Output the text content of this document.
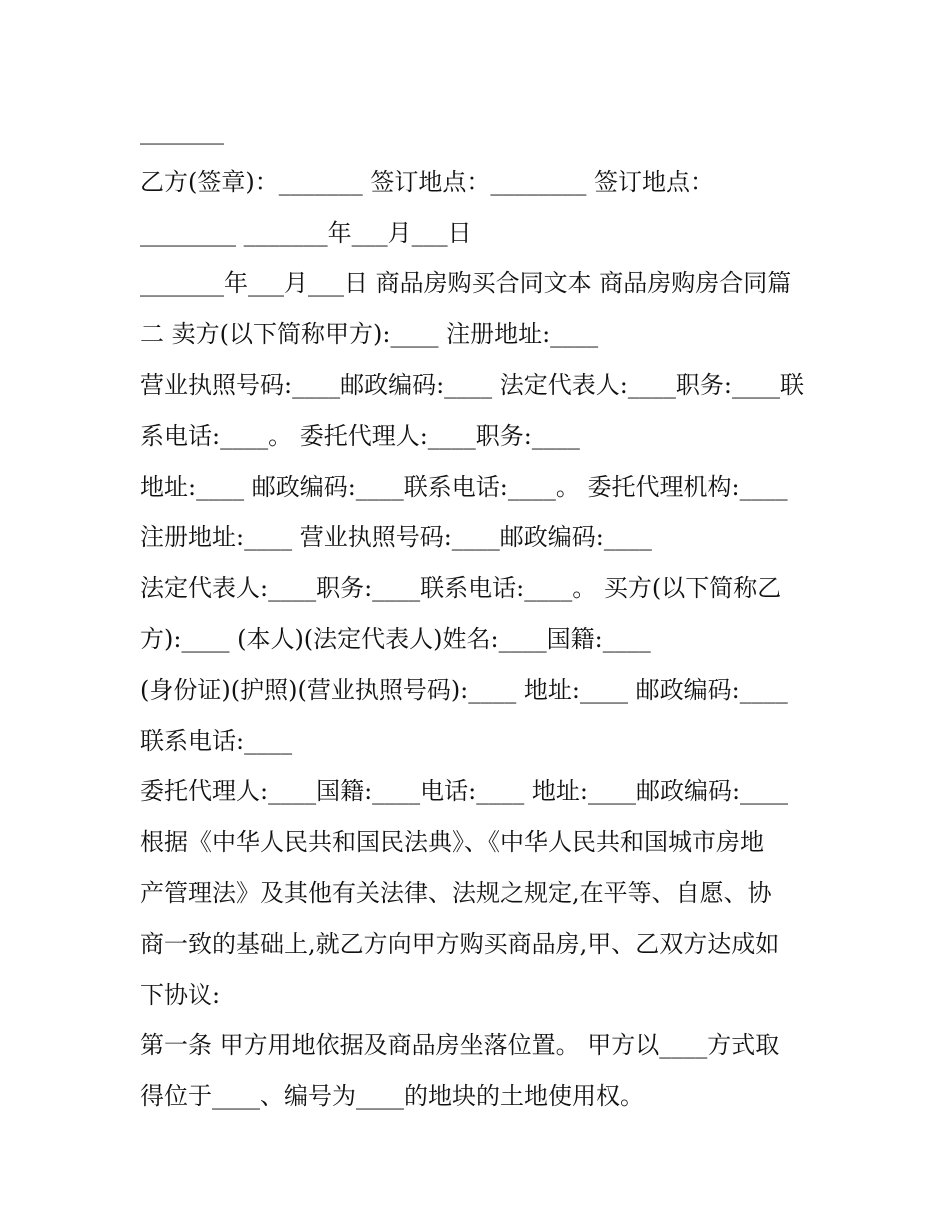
_______
乙方(签章)：_______ 签订地点：________ 签订地点：
________ _______年___月___日
_______年___月___日 商品房购买合同文本 商品房购房合同篇
二 卖方(以下简称甲方):____ 注册地址:____
营业执照号码:____邮政编码:____ 法定代表人:____职务:____联
系电话:____。 委托代理人:____职务:____
地址:____ 邮政编码:____联系电话:____。 委托代理机构:____
注册地址:____ 营业执照号码:____邮政编码:____
法定代表人:____职务:____联系电话:____。 买方(以下简称乙
方):____ (本人)(法定代表人)姓名:____国籍:____
(身份证)(护照)(营业执照号码):____ 地址:____ 邮政编码:____
联系电话:____
委托代理人:____国籍:____电话:____ 地址:____邮政编码:____
根据《中华人民共和国民法典》、《中华人民共和国城市房地
产管理法》及其他有关法律、法规之规定,在平等、自愿、协
商一致的基础上,就乙方向甲方购买商品房,甲、乙双方达成如
下协议:
第一条 甲方用地依据及商品房坐落位置。 甲方以____方式取
得位于____、编号为____的地块的土地使用权。
